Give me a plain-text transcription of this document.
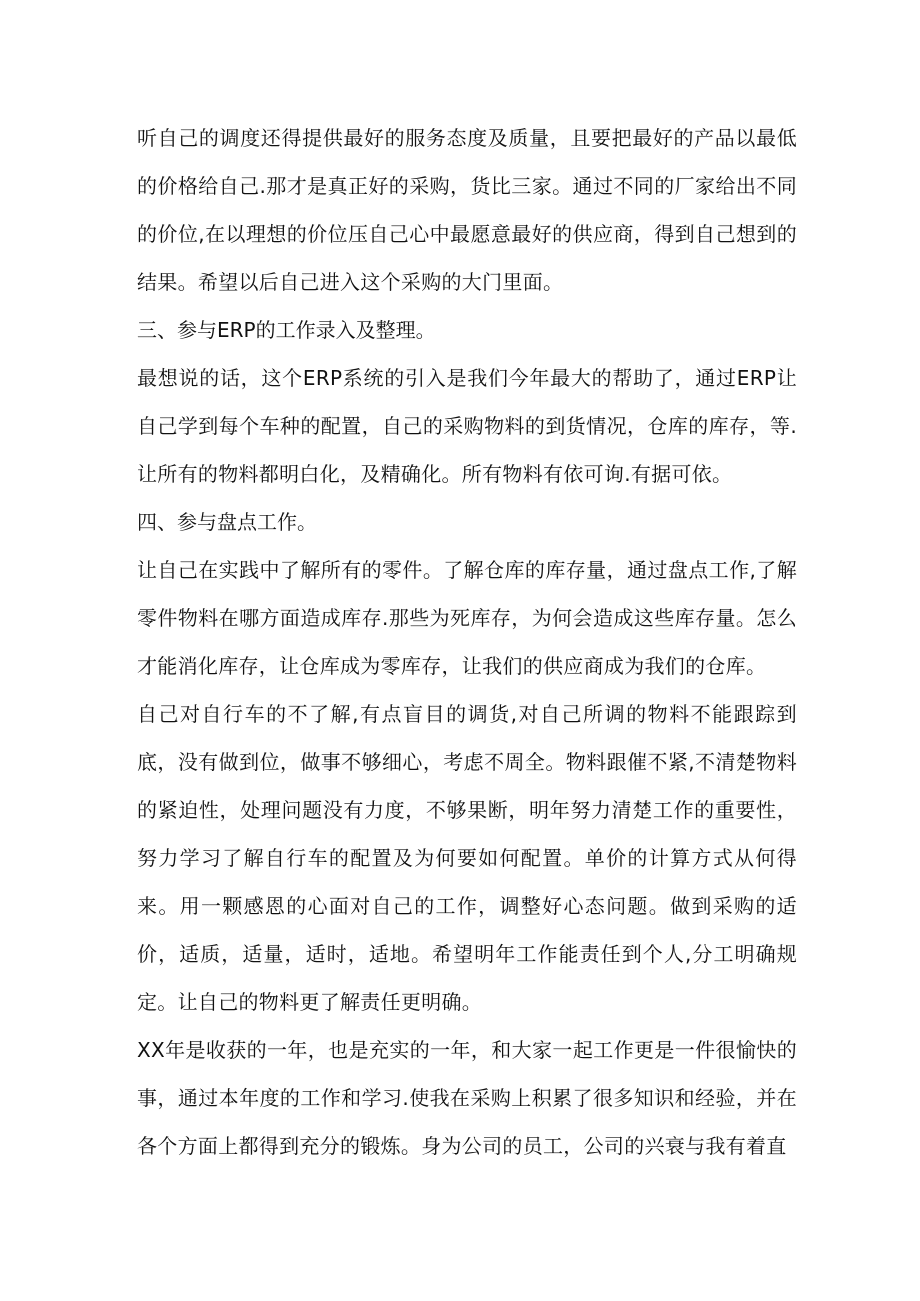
听自己的调度还得提供最好的服务态度及质量，且要把最好的产品以最低的价格给自己.那才是真正好的采购，货比三家。通过不同的厂家给出不同的价位,在以理想的价位压自己心中最愿意最好的供应商，得到自己想到的结果。希望以后自己进入这个采购的大门里面。

三、参与ERP的工作录入及整理。

最想说的话，这个ERP系统的引入是我们今年最大的帮助了，通过ERP让自己学到每个车种的配置，自己的采购物料的到货情况，仓库的库存，等.让所有的物料都明白化，及精确化。所有物料有依可询.有据可依。

四、参与盘点工作。

让自己在实践中了解所有的零件。了解仓库的库存量，通过盘点工作,了解零件物料在哪方面造成库存.那些为死库存，为何会造成这些库存量。怎么才能消化库存，让仓库成为零库存，让我们的供应商成为我们的仓库。

自己对自行车的不了解,有点盲目的调货,对自己所调的物料不能跟踪到底，没有做到位，做事不够细心，考虑不周全。物料跟催不紧,不清楚物料的紧迫性，处理问题没有力度，不够果断，明年努力清楚工作的重要性，努力学习了解自行车的配置及为何要如何配置。单价的计算方式从何得来。用一颗感恩的心面对自己的工作，调整好心态问题。做到采购的适价，适质，适量，适时，适地。希望明年工作能责任到个人,分工明确规定。让自己的物料更了解责任更明确。

XX年是收获的一年，也是充实的一年，和大家一起工作更是一件很愉快的事，通过本年度的工作和学习.使我在采购上积累了很多知识和经验，并在各个方面上都得到充分的锻炼。身为公司的员工，公司的兴衰与我有着直
